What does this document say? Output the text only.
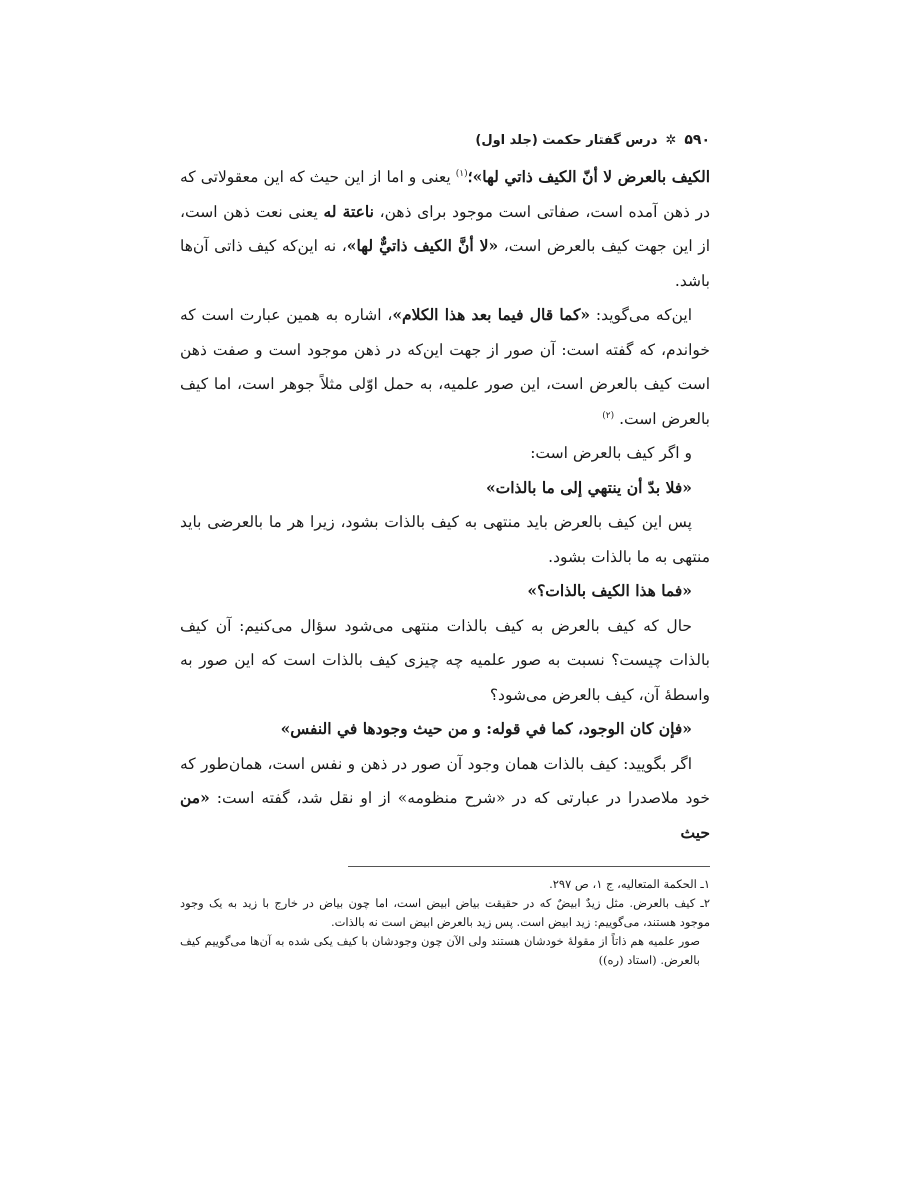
۵۹۰
✲
درس گفتار حکمت (جلد اول)

الكيف بالعرض لا أنّ الكيف ذاتي لها»؛$^{(۱)}$ یعنی و اما از این حیث که این معقولاتی که در ذهن آمده است، صفاتی است موجود برای ذهن، ناعتة له یعنی نعت ذهن است، از این جهت کیف بالعرض است، «لا أنَّ الكيف ذاتيٌّ لها»، نه این‌که کیف ذاتی آن‌ها باشد.

این‌که می‌گوید: «كما قال فيما بعد هذا الكلام»، اشاره به همین عبارت است که خواندم، که گفته است: آن صور از جهت این‌که در ذهن موجود است و صفت ذهن است کیف بالعرض است، این صور علمیه، به حمل اوّلی مثلاً جوهر است، اما کیف بالعرض است. $^{(۲)}$

و اگر کیف بالعرض است:

«فلا بدّ أن ينتهي إلى ما بالذات»

پس این کیف بالعرض باید منتهی به کیف بالذات بشود، زیرا هر ما بالعرضی باید منتهی به ما بالذات بشود.

«فما هذا الكيف بالذات؟»

حال که کیف بالعرض به کیف بالذات منتهی می‌شود سؤال می‌کنیم: آن کیف بالذات چیست؟ نسبت به صور علمیه چه چیزی کیف بالذات است که این صور به واسطهٔ آن، کیف بالعرض می‌شود؟

«فإن كان الوجود، كما في قوله: و من حيث وجودها في النفس»

اگر بگویید: کیف بالذات همان وجود آن صور در ذهن و نفس است، همان‌طور که خود ملاصدرا در عبارتی که در «شرح منظومه» از او نقل شد، گفته است: «من حيث

۱ـ الحكمة المتعاليه، ج ۱، ص ۲۹۷.

۲ـ کیف بالعرض. مثل زیدٌ ابیضٌ که در حقیقت بیاض ابیض است، اما چون بیاض در خارج با زید به یک وجود موجود هستند، می‌گوییم: زید ابیض است. پس زید بالعرض ابیض است نه بالذات.

صور علمیه هم ذاتاً از مقولهٔ خودشان هستند ولی الآن چون وجودشان با کیف یکی شده به آن‌ها می‌گوییم کیف بالعرض. (استاد (ره))
